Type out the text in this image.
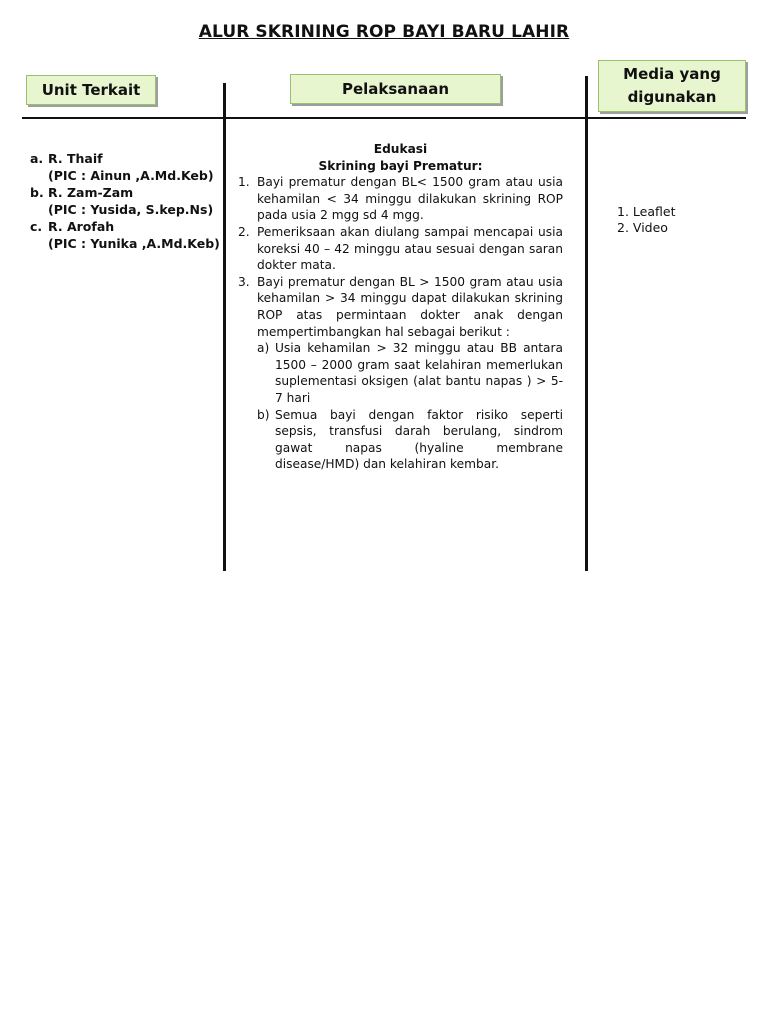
ALUR SKRINING ROP BAYI BARU LAHIR
Unit Terkait	Pelaksanaan
Media yang
digunakan
a. R. Thaif
(PIC : Ainun ,A.Md.Keb)
b. R. Zam-Zam
(PIC : Yusida, S.kep.Ns)
c. R. Arofah
(PIC : Yunika ,A.Md.Keb)
Edukasi
Skrining bayi Prematur:
1. Bayi prematur dengan BL< 1500 gram atau usia kehamilan < 34 minggu dilakukan skrining ROP pada usia 2 mgg sd 4 mgg.
2. Pemeriksaan akan diulang sampai mencapai usia koreksi 40 – 42 minggu atau sesuai dengan saran dokter mata.
3. Bayi prematur dengan BL > 1500 gram atau usia kehamilan > 34 minggu dapat dilakukan skrining ROP atas permintaan dokter anak dengan mempertimbangkan hal sebagai berikut :
a) Usia kehamilan > 32 minggu atau BB antara 1500 – 2000 gram saat kelahiran memerlukan suplementasi oksigen (alat bantu napas ) > 5-7 hari
b) Semua bayi dengan faktor risiko seperti sepsis, transfusi darah berulang, sindrom gawat napas (hyaline membrane disease/HMD) dan kelahiran kembar.
1. Leaflet
2. Video
